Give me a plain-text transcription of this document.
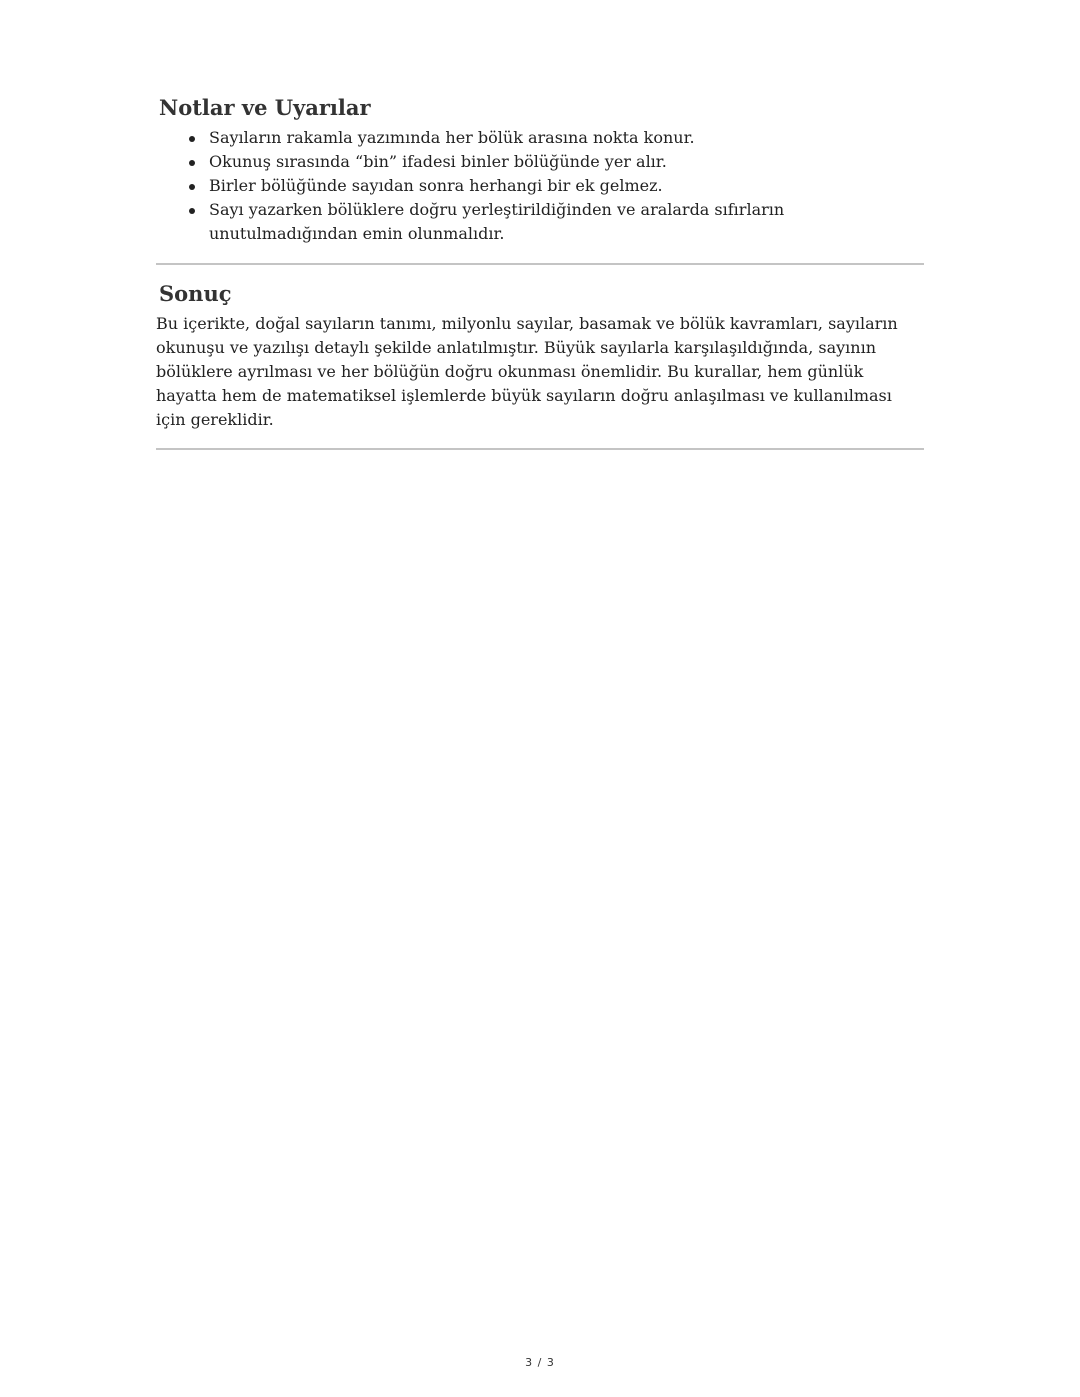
Notlar ve Uyarılar
Sayıların rakamla yazımında her bölük arasına nokta konur.
Okunuş sırasında “bin” ifadesi binler bölüğünde yer alır.
Birler bölüğünde sayıdan sonra herhangi bir ek gelmez.
Sayı yazarken bölüklere doğru yerleştirildiğinden ve aralarda sıfırların unutulmadığından emin olunmalıdır.
Sonuç

Bu içerikte, doğal sayıların tanımı, milyonlu sayılar, basamak ve bölük kavramları, sayıların okunuşu ve yazılışı detaylı şekilde anlatılmıştır. Büyük sayılarla karşılaşıldığında, sayının bölüklere ayrılması ve her bölüğün doğru okunması önemlidir. Bu kurallar, hem günlük hayatta hem de matematiksel işlemlerde büyük sayıların doğru anlaşılması ve kullanılması için gereklidir.

3 / 3
